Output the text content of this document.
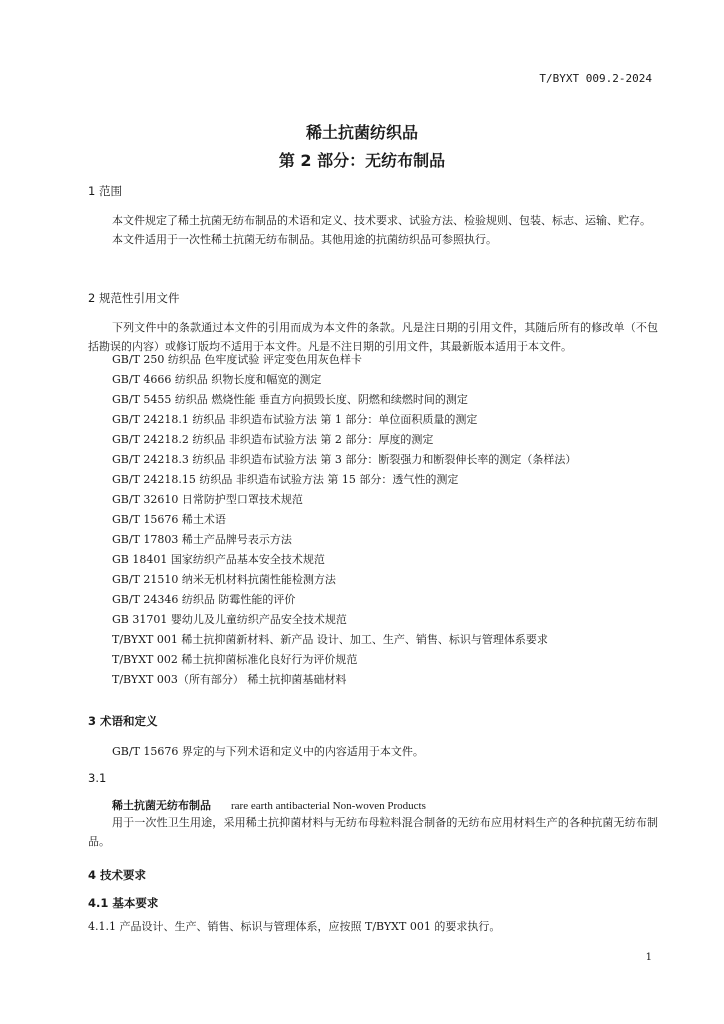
T/BYXT 009.2-2024
稀土抗菌纺织品
第 2 部分：无纺布制品
1 范围

本文件规定了稀土抗菌无纺布制品的术语和定义、技术要求、试验方法、检验规则、包装、标志、运输、贮存。

本文件适用于一次性稀土抗菌无纺布制品。其他用途的抗菌纺织品可参照执行。

2 规范性引用文件

下列文件中的条款通过本文件的引用而成为本文件的条款。凡是注日期的引用文件，其随后所有的修改单（不包括勘误的内容）或修订版均不适用于本文件。凡是不注日期的引用文件，其最新版本适用于本文件。

GB/T 250 纺织品 色牢度试验 评定变色用灰色样卡
GB/T 4666 纺织品 织物长度和幅宽的测定
GB/T 5455 纺织品 燃烧性能 垂直方向损毁长度、阴燃和续燃时间的测定
GB/T 24218.1 纺织品 非织造布试验方法 第 1 部分：单位面积质量的测定
GB/T 24218.2 纺织品 非织造布试验方法 第 2 部分：厚度的测定
GB/T 24218.3 纺织品 非织造布试验方法 第 3 部分：断裂强力和断裂伸长率的测定（条样法）
GB/T 24218.15 纺织品 非织造布试验方法 第 15 部分：透气性的测定
GB/T 32610 日常防护型口罩技术规范
GB/T 15676 稀土术语
GB/T 17803 稀土产品牌号表示方法
GB 18401 国家纺织产品基本安全技术规范
GB/T 21510 纳米无机材料抗菌性能检测方法
GB/T 24346 纺织品 防霉性能的评价
GB 31701 婴幼儿及儿童纺织产品安全技术规范
T/BYXT 001 稀土抗抑菌新材料、新产品 设计、加工、生产、销售、标识与管理体系要求
T/BYXT 002 稀土抗抑菌标准化良好行为评价规范
T/BYXT 003（所有部分） 稀土抗抑菌基础材料
3 术语和定义
GB/T 15676 界定的与下列术语和定义中的内容适用于本文件。
3.1
稀土抗菌无纺布制品 rare earth antibacterial Non-woven Products

用于一次性卫生用途，采用稀土抗抑菌材料与无纺布母粒料混合制备的无纺布应用材料生产的各种抗菌无纺布制品。

4 技术要求
4.1 基本要求
4.1.1 产品设计、生产、销售、标识与管理体系，应按照 T/BYXT 001 的要求执行。
1
